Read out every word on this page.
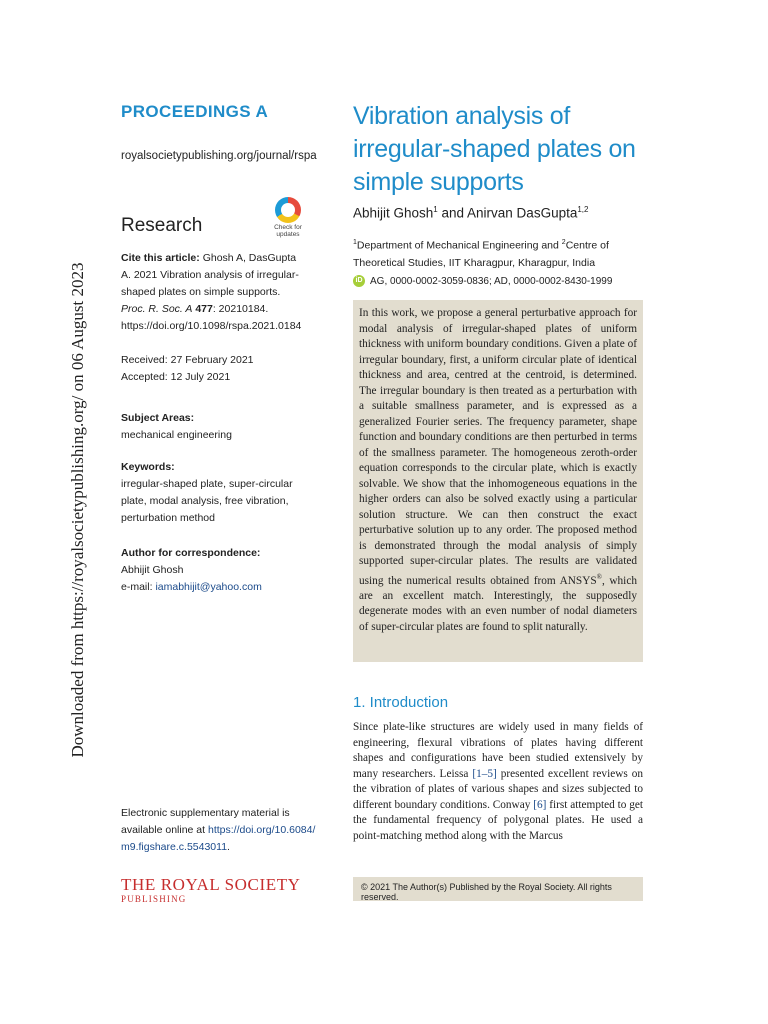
Downloaded from https://royalsocietypublishing.org/ on 06 August 2023
PROCEEDINGS A
royalsocietypublishing.org/journal/rspa
Research	Check for
updates
Cite this article: Ghosh A, DasGupta A. 2021 Vibration analysis of irregular-shaped plates on simple supports. Proc. R. Soc. A 477: 20210184.
https://doi.org/10.1098/rspa.2021.0184
Received: 27 February 2021
Accepted: 12 July 2021
Subject Areas:
mechanical engineering
Keywords:
irregular-shaped plate, super-circular plate, modal analysis, free vibration, perturbation method
Author for correspondence:
Abhijit Ghosh
e-mail: iamabhijit@yahoo.com
Electronic supplementary material is available online at https://doi.org/10.6084/m9.figshare.c.5543011.
THE ROYAL SOCIETY
PUBLISHING
Vibration analysis of irregular-shaped plates on simple supports
Abhijit Ghosh$^1$ and Anirvan DasGupta$^{1,2}$
$^1$Department of Mechanical Engineering and $^2$Centre of Theoretical Studies, IIT Kharagpur, Kharagpur, India
iD AG, 0000-0002-3059-0836; AD, 0000-0002-8430-1999
In this work, we propose a general perturbative approach for modal analysis of irregular-shaped plates of uniform thickness with uniform boundary conditions. Given a plate of irregular boundary, first, a uniform circular plate of identical thickness and area, centred at the centroid, is determined. The irregular boundary is then treated as a perturbation with a suitable smallness parameter, and is expressed as a generalized Fourier series. The frequency parameter, shape function and boundary conditions are then perturbed in terms of the smallness parameter. The homogeneous zeroth-order equation corresponds to the circular plate, which is exactly solvable. We show that the inhomogeneous equations in the higher orders can also be solved exactly using a particular solution structure. We can then construct the exact perturbative solution up to any order. The proposed method is demonstrated through the modal analysis of simply supported super-circular plates. The results are validated using the numerical results obtained from ANSYS®, which are an excellent match. Interestingly, the supposedly degenerate modes with an even number of nodal diameters of super-circular plates are found to split naturally.
1. Introduction
Since plate-like structures are widely used in many fields of engineering, flexural vibrations of plates having different shapes and configurations have been studied extensively by many researchers. Leissa [1–5] presented excellent reviews on the vibration of plates of various shapes and sizes subjected to different boundary conditions. Conway [6] first attempted to get the fundamental frequency of polygonal plates. He used a point-matching method along with the Marcus
© 2021 The Author(s) Published by the Royal Society. All rights reserved.
